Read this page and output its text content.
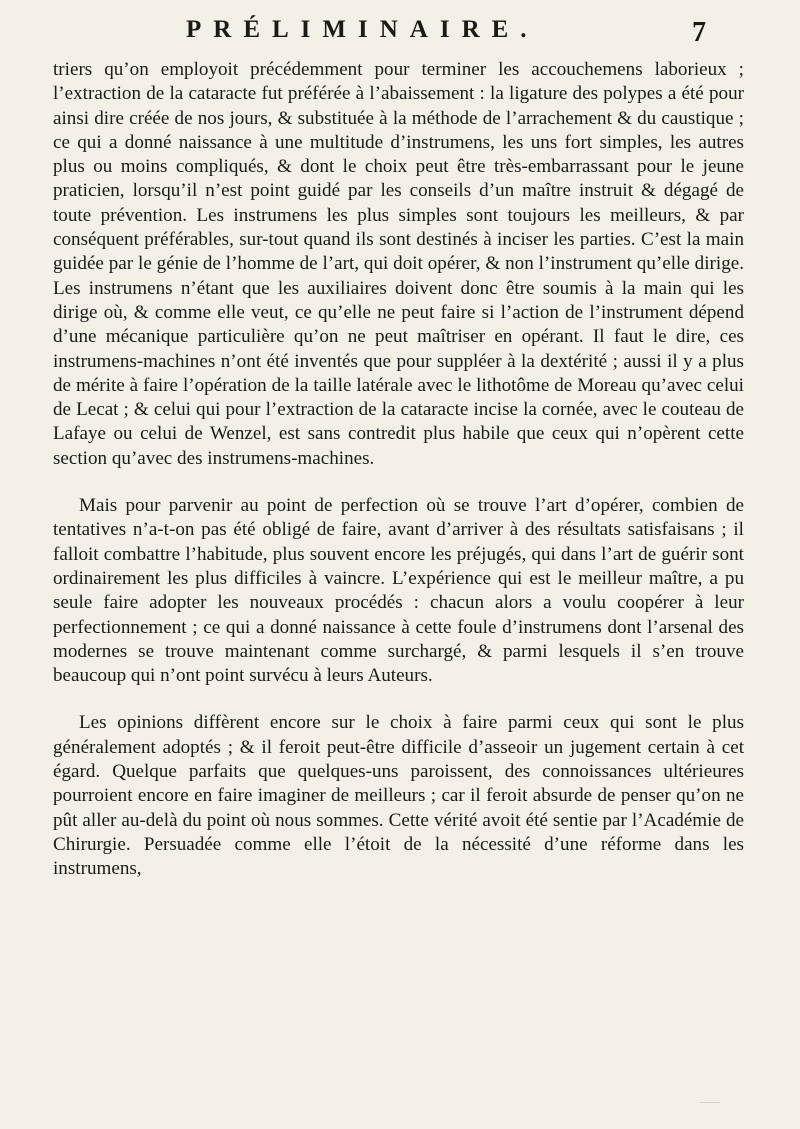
PRÉLIMINAIRE.	7

triers qu’on employoit précédemment pour terminer les accouchemens laborieux ; l’extraction de la cataracte fut préférée à l’abaissement : la ligature des polypes a été pour ainsi dire créée de nos jours, & substituée à la méthode de l’arrachement & du caustique ; ce qui a donné naissance à une multitude d’instrumens, les uns fort simples, les autres plus ou moins compliqués, & dont le choix peut être très-embarrassant pour le jeune praticien, lorsqu’il n’est point guidé par les conseils d’un maître instruit & dégagé de toute prévention. Les instrumens les plus simples sont toujours les meilleurs, & par conséquent préférables, sur-tout quand ils sont destinés à inciser les parties. C’est la main guidée par le génie de l’homme de l’art, qui doit opérer, & non l’instrument qu’elle dirige. Les instrumens n’étant que les auxiliaires doivent donc être soumis à la main qui les dirige où, & comme elle veut, ce qu’elle ne peut faire si l’action de l’instrument dépend d’une mécanique particulière qu’on ne peut maîtriser en opérant. Il faut le dire, ces instrumens-machines n’ont été inventés que pour suppléer à la dextérité ; aussi il y a plus de mérite à faire l’opération de la taille latérale avec le lithotôme de Moreau qu’avec celui de Lecat ; & celui qui pour l’extraction de la cataracte incise la cornée, avec le couteau de Lafaye ou celui de Wenzel, est sans contredit plus habile que ceux qui n’opèrent cette section qu’avec des instrumens-machines.

Mais pour parvenir au point de perfection où se trouve l’art d’opérer, combien de tentatives n’a-t-on pas été obligé de faire, avant d’arriver à des résultats satisfaisans ; il falloit combattre l’habitude, plus souvent encore les préjugés, qui dans l’art de guérir sont ordinairement les plus difficiles à vaincre. L’expérience qui est le meilleur maître, a pu seule faire adopter les nouveaux procédés : chacun alors a voulu coopérer à leur perfectionnement ; ce qui a donné naissance à cette foule d’instrumens dont l’arsenal des modernes se trouve maintenant comme surchargé, & parmi lesquels il s’en trouve beaucoup qui n’ont point survécu à leurs Auteurs.

Les opinions diffèrent encore sur le choix à faire parmi ceux qui sont le plus généralement adoptés ; & il feroit peut-être difficile d’asseoir un jugement certain à cet égard. Quelque parfaits que quelques-uns paroissent, des connoissances ultérieures pourroient encore en faire imaginer de meilleurs ; car il feroit absurde de penser qu’on ne pût aller au-delà du point où nous sommes. Cette vérité avoit été sentie par l’Académie de Chirurgie. Persuadée comme elle l’étoit de la nécessité d’une réforme dans les instrumens,
